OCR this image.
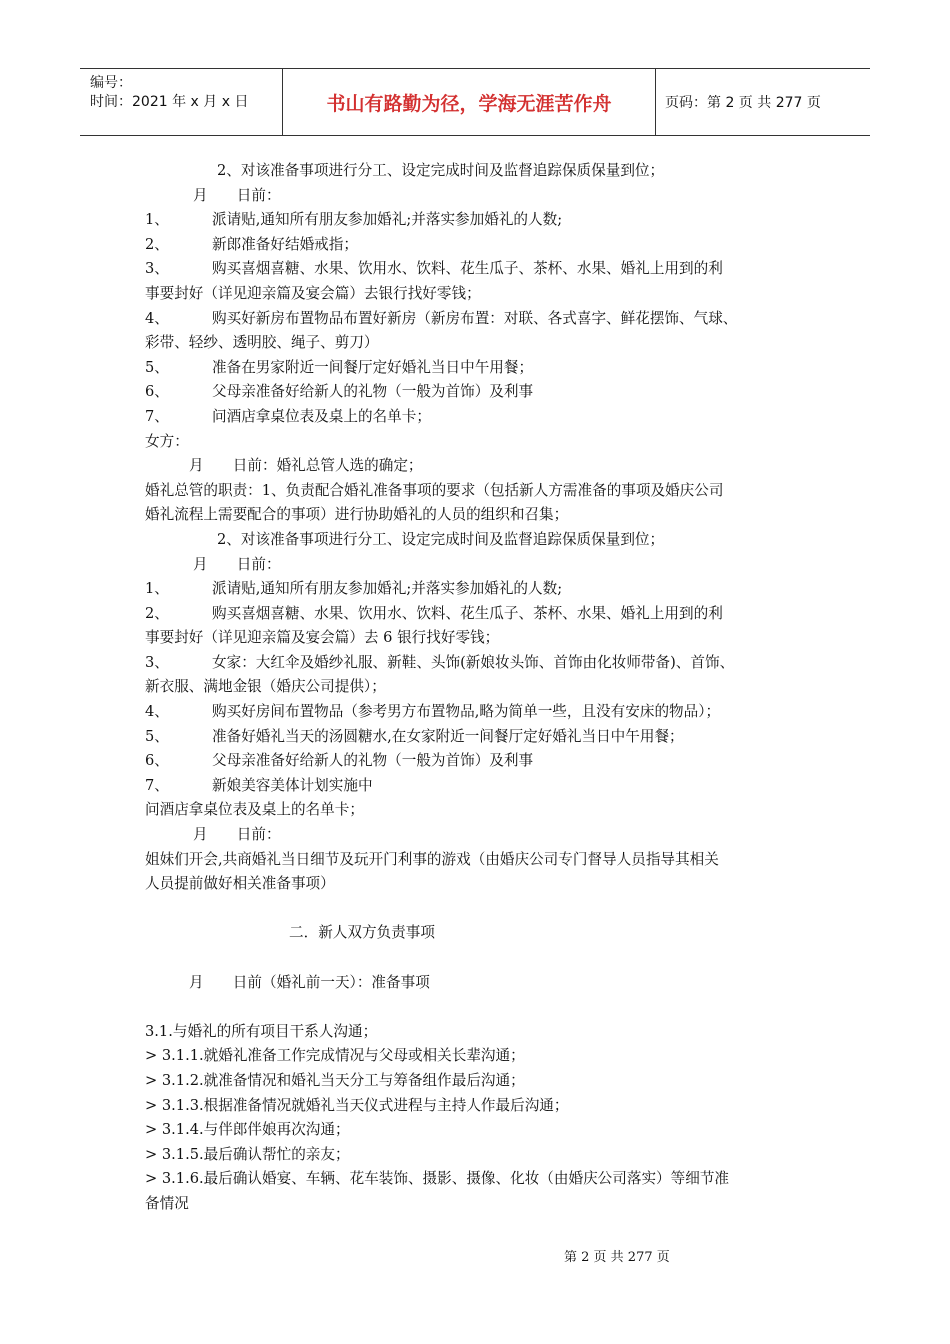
编号：
时间：2021 年 x 月 x 日	书山有路勤为径，学海无涯苦作舟	页码：第 2 页 共 277 页
2、对该准备事项进行分工、设定完成时间及监督追踪保质保量到位；
月　　日前：
1、	派请贴,通知所有朋友参加婚礼;并落实参加婚礼的人数;
2、	新郎准备好结婚戒指；
3、	购买喜烟喜糖、水果、饮用水、饮料、花生瓜子、茶杯、水果、婚礼上用到的利
事要封好（详见迎亲篇及宴会篇）去银行找好零钱；
4、	购买好新房布置物品布置好新房（新房布置：对联、各式喜字、鲜花摆饰、气球、
彩带、轻纱、透明胶、绳子、剪刀）
5、	准备在男家附近一间餐厅定好婚礼当日中午用餐；
6、	父母亲准备好给新人的礼物（一般为首饰）及利事
7、	问酒店拿桌位表及桌上的名单卡；
女方：
月　　日前：婚礼总管人选的确定；
婚礼总管的职责：1、负责配合婚礼准备事项的要求（包括新人方需准备的事项及婚庆公司
婚礼流程上需要配合的事项）进行协助婚礼的人员的组织和召集；
2、对该准备事项进行分工、设定完成时间及监督追踪保质保量到位；
月　　日前：
1、	派请贴,通知所有朋友参加婚礼;并落实参加婚礼的人数;
2、	购买喜烟喜糖、水果、饮用水、饮料、花生瓜子、茶杯、水果、婚礼上用到的利
事要封好（详见迎亲篇及宴会篇）去 6 银行找好零钱；
3、	女家：大红伞及婚纱礼服、新鞋、头饰(新娘妆头饰、首饰由化妆师带备)、首饰、
新衣服、满地金银（婚庆公司提供）；
4、	购买好房间布置物品（参考男方布置物品,略为简单一些，且没有安床的物品）；
5、	准备好婚礼当天的汤圆糖水,在女家附近一间餐厅定好婚礼当日中午用餐；
6、	父母亲准备好给新人的礼物（一般为首饰）及利事
7、	新娘美容美体计划实施中
问酒店拿桌位表及桌上的名单卡；
月　　日前：
姐妹们开会,共商婚礼当日细节及玩开门利事的游戏（由婚庆公司专门督导人员指导其相关
人员提前做好相关准备事项）
二．新人双方负责事项
月　　日前（婚礼前一天）：准备事项
3.1.与婚礼的所有项目干系人沟通；
> 3.1.1.就婚礼准备工作完成情况与父母或相关长辈沟通；
> 3.1.2.就准备情况和婚礼当天分工与筹备组作最后沟通；
> 3.1.3.根据准备情况就婚礼当天仪式进程与主持人作最后沟通；
> 3.1.4.与伴郎伴娘再次沟通；
> 3.1.5.最后确认帮忙的亲友；
> 3.1.6.最后确认婚宴、车辆、花车装饰、摄影、摄像、化妆（由婚庆公司落实）等细节准
备情况
第 2 页 共 277 页
